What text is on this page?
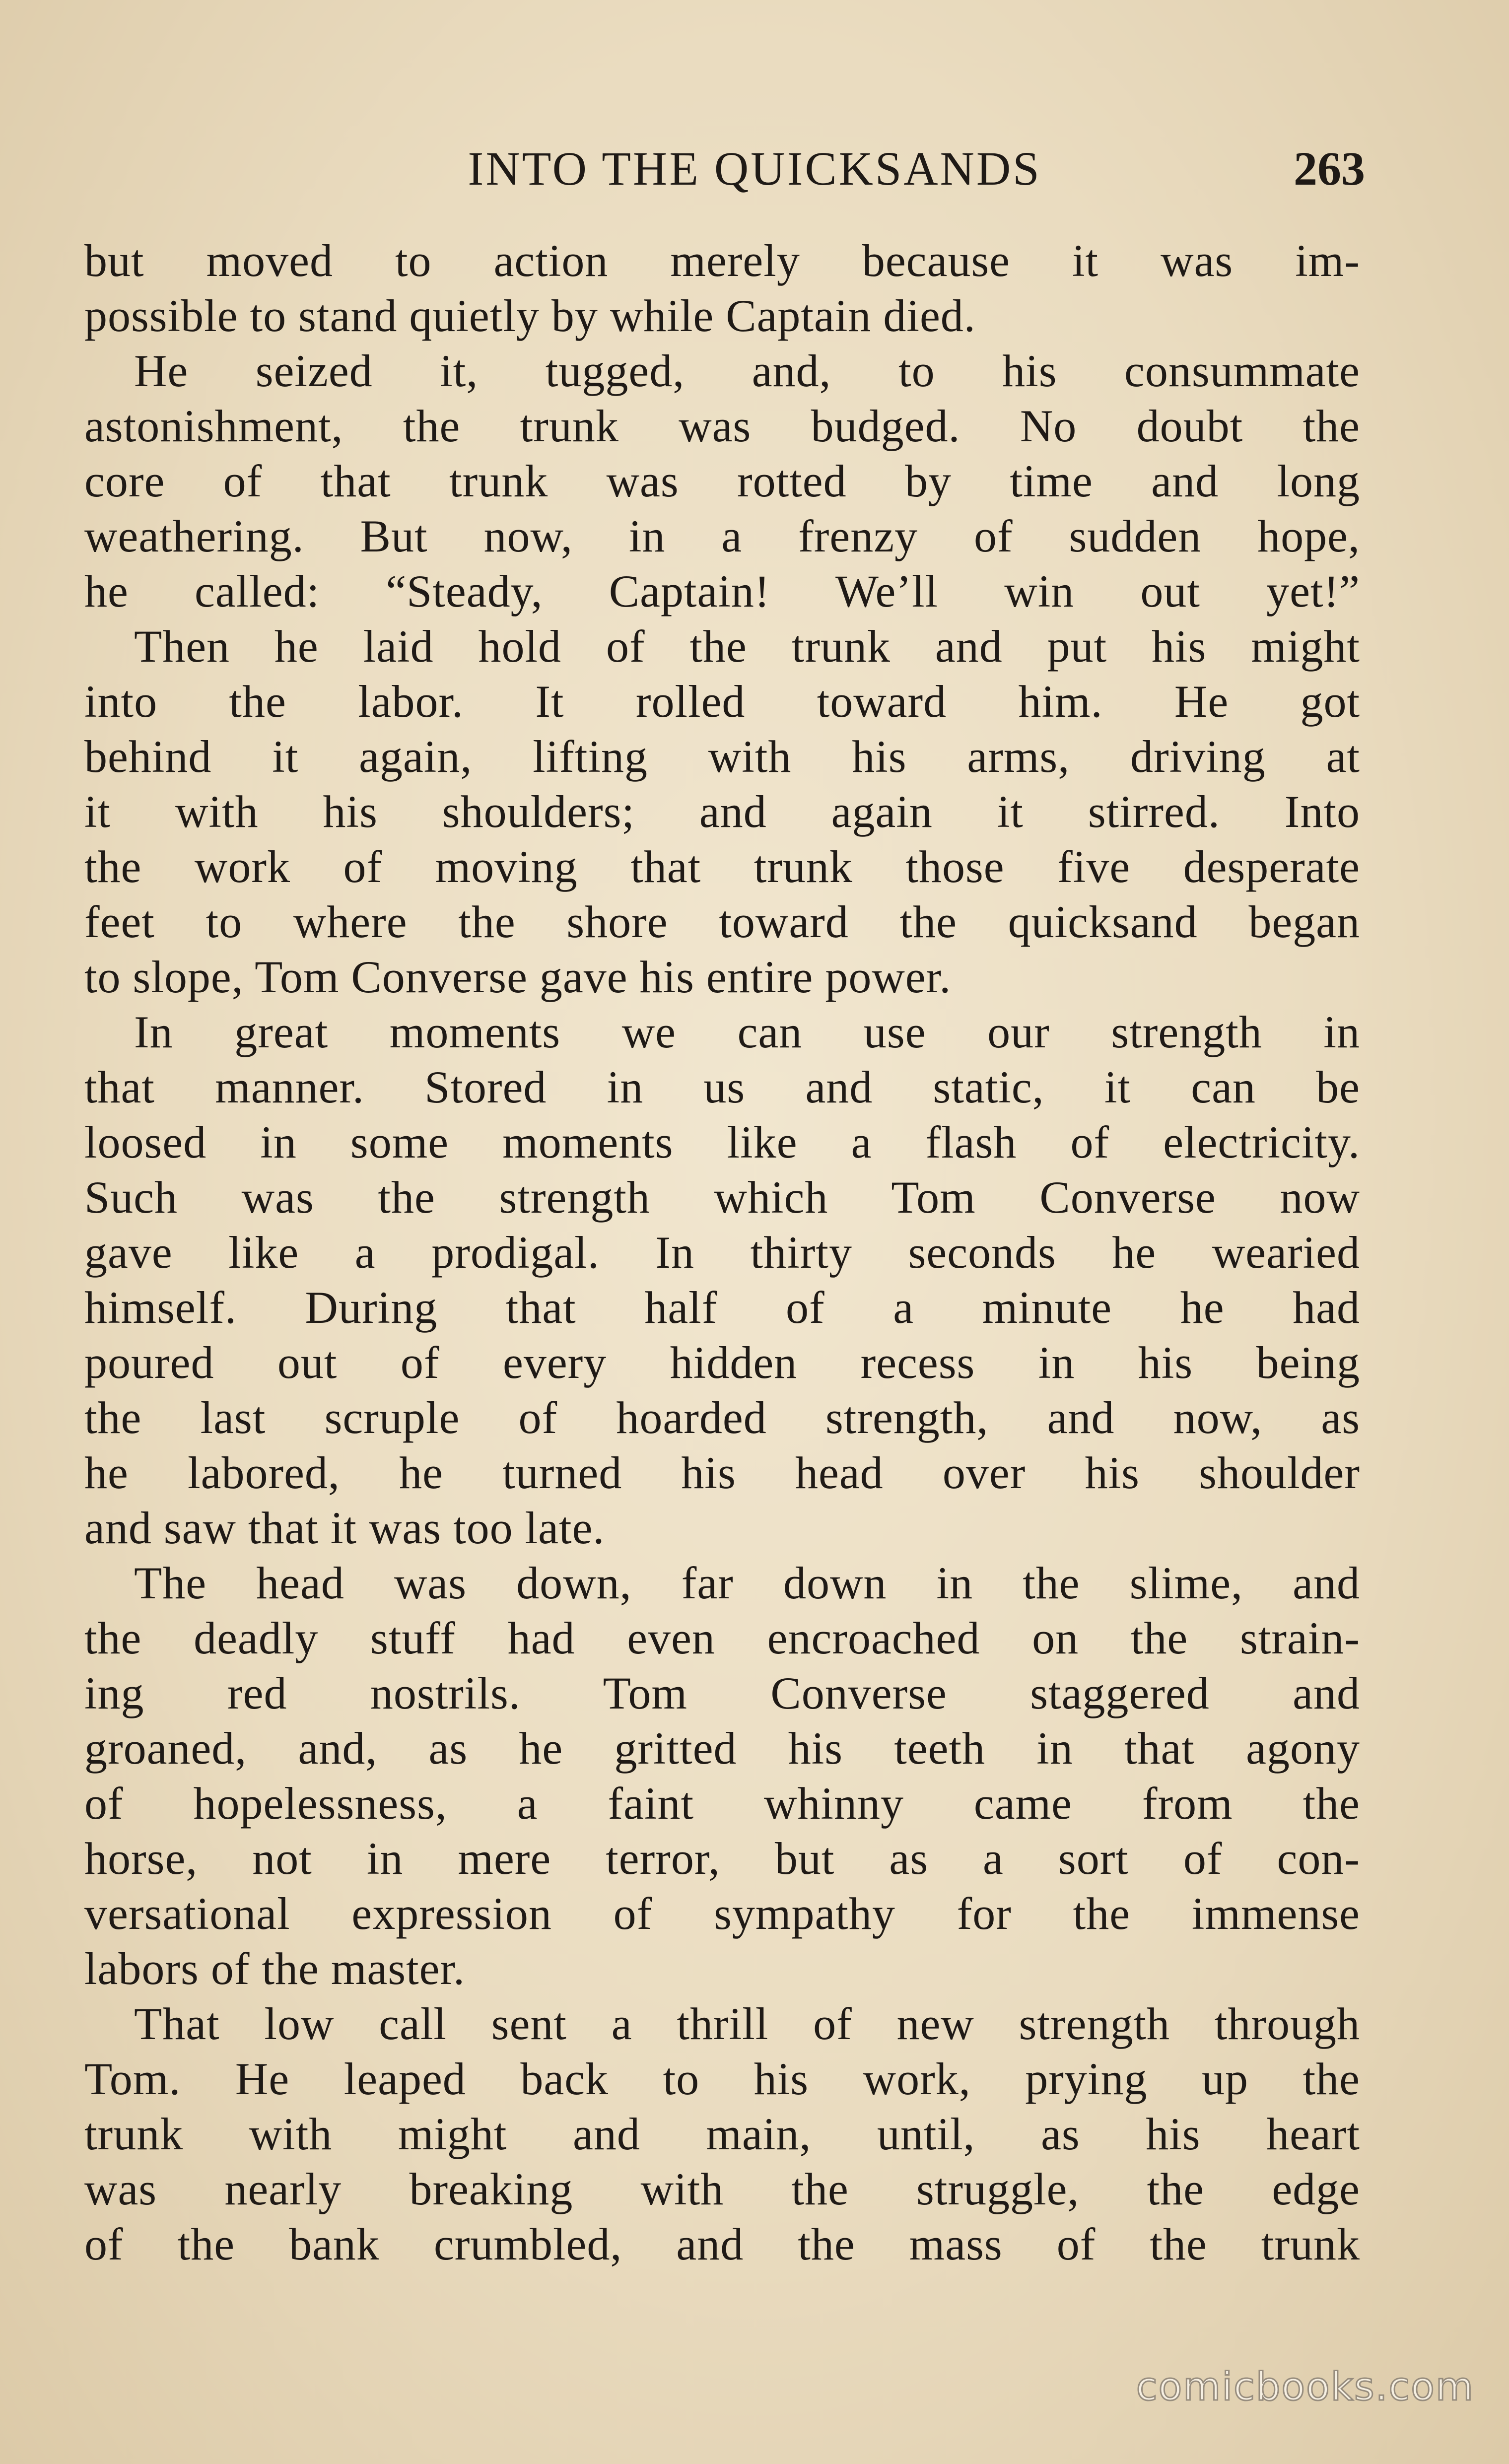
INTO THE QUICKSANDS	263
but moved to action merely because it was im-
possible to stand quietly by while Captain died.
He seized it, tugged, and, to his consummate
astonishment, the trunk was budged. No doubt the
core of that trunk was rotted by time and long
weathering. But now, in a frenzy of sudden hope,
he called: “Steady, Captain! We’ll win out yet!”
Then he laid hold of the trunk and put his might
into the labor. It rolled toward him. He got
behind it again, lifting with his arms, driving at
it with his shoulders; and again it stirred. Into
the work of moving that trunk those five desperate
feet to where the shore toward the quicksand began
to slope, Tom Converse gave his entire power.
In great moments we can use our strength in
that manner. Stored in us and static, it can be
loosed in some moments like a flash of electricity.
Such was the strength which Tom Converse now
gave like a prodigal. In thirty seconds he wearied
himself. During that half of a minute he had
poured out of every hidden recess in his being
the last scruple of hoarded strength, and now, as
he labored, he turned his head over his shoulder
and saw that it was too late.
The head was down, far down in the slime, and
the deadly stuff had even encroached on the strain-
ing red nostrils. Tom Converse staggered and
groaned, and, as he gritted his teeth in that agony
of hopelessness, a faint whinny came from the
horse, not in mere terror, but as a sort of con-
versational expression of sympathy for the immense
labors of the master.
That low call sent a thrill of new strength through
Tom. He leaped back to his work, prying up the
trunk with might and main, until, as his heart
was nearly breaking with the struggle, the edge
of the bank crumbled, and the mass of the trunk
comicbooks.com
